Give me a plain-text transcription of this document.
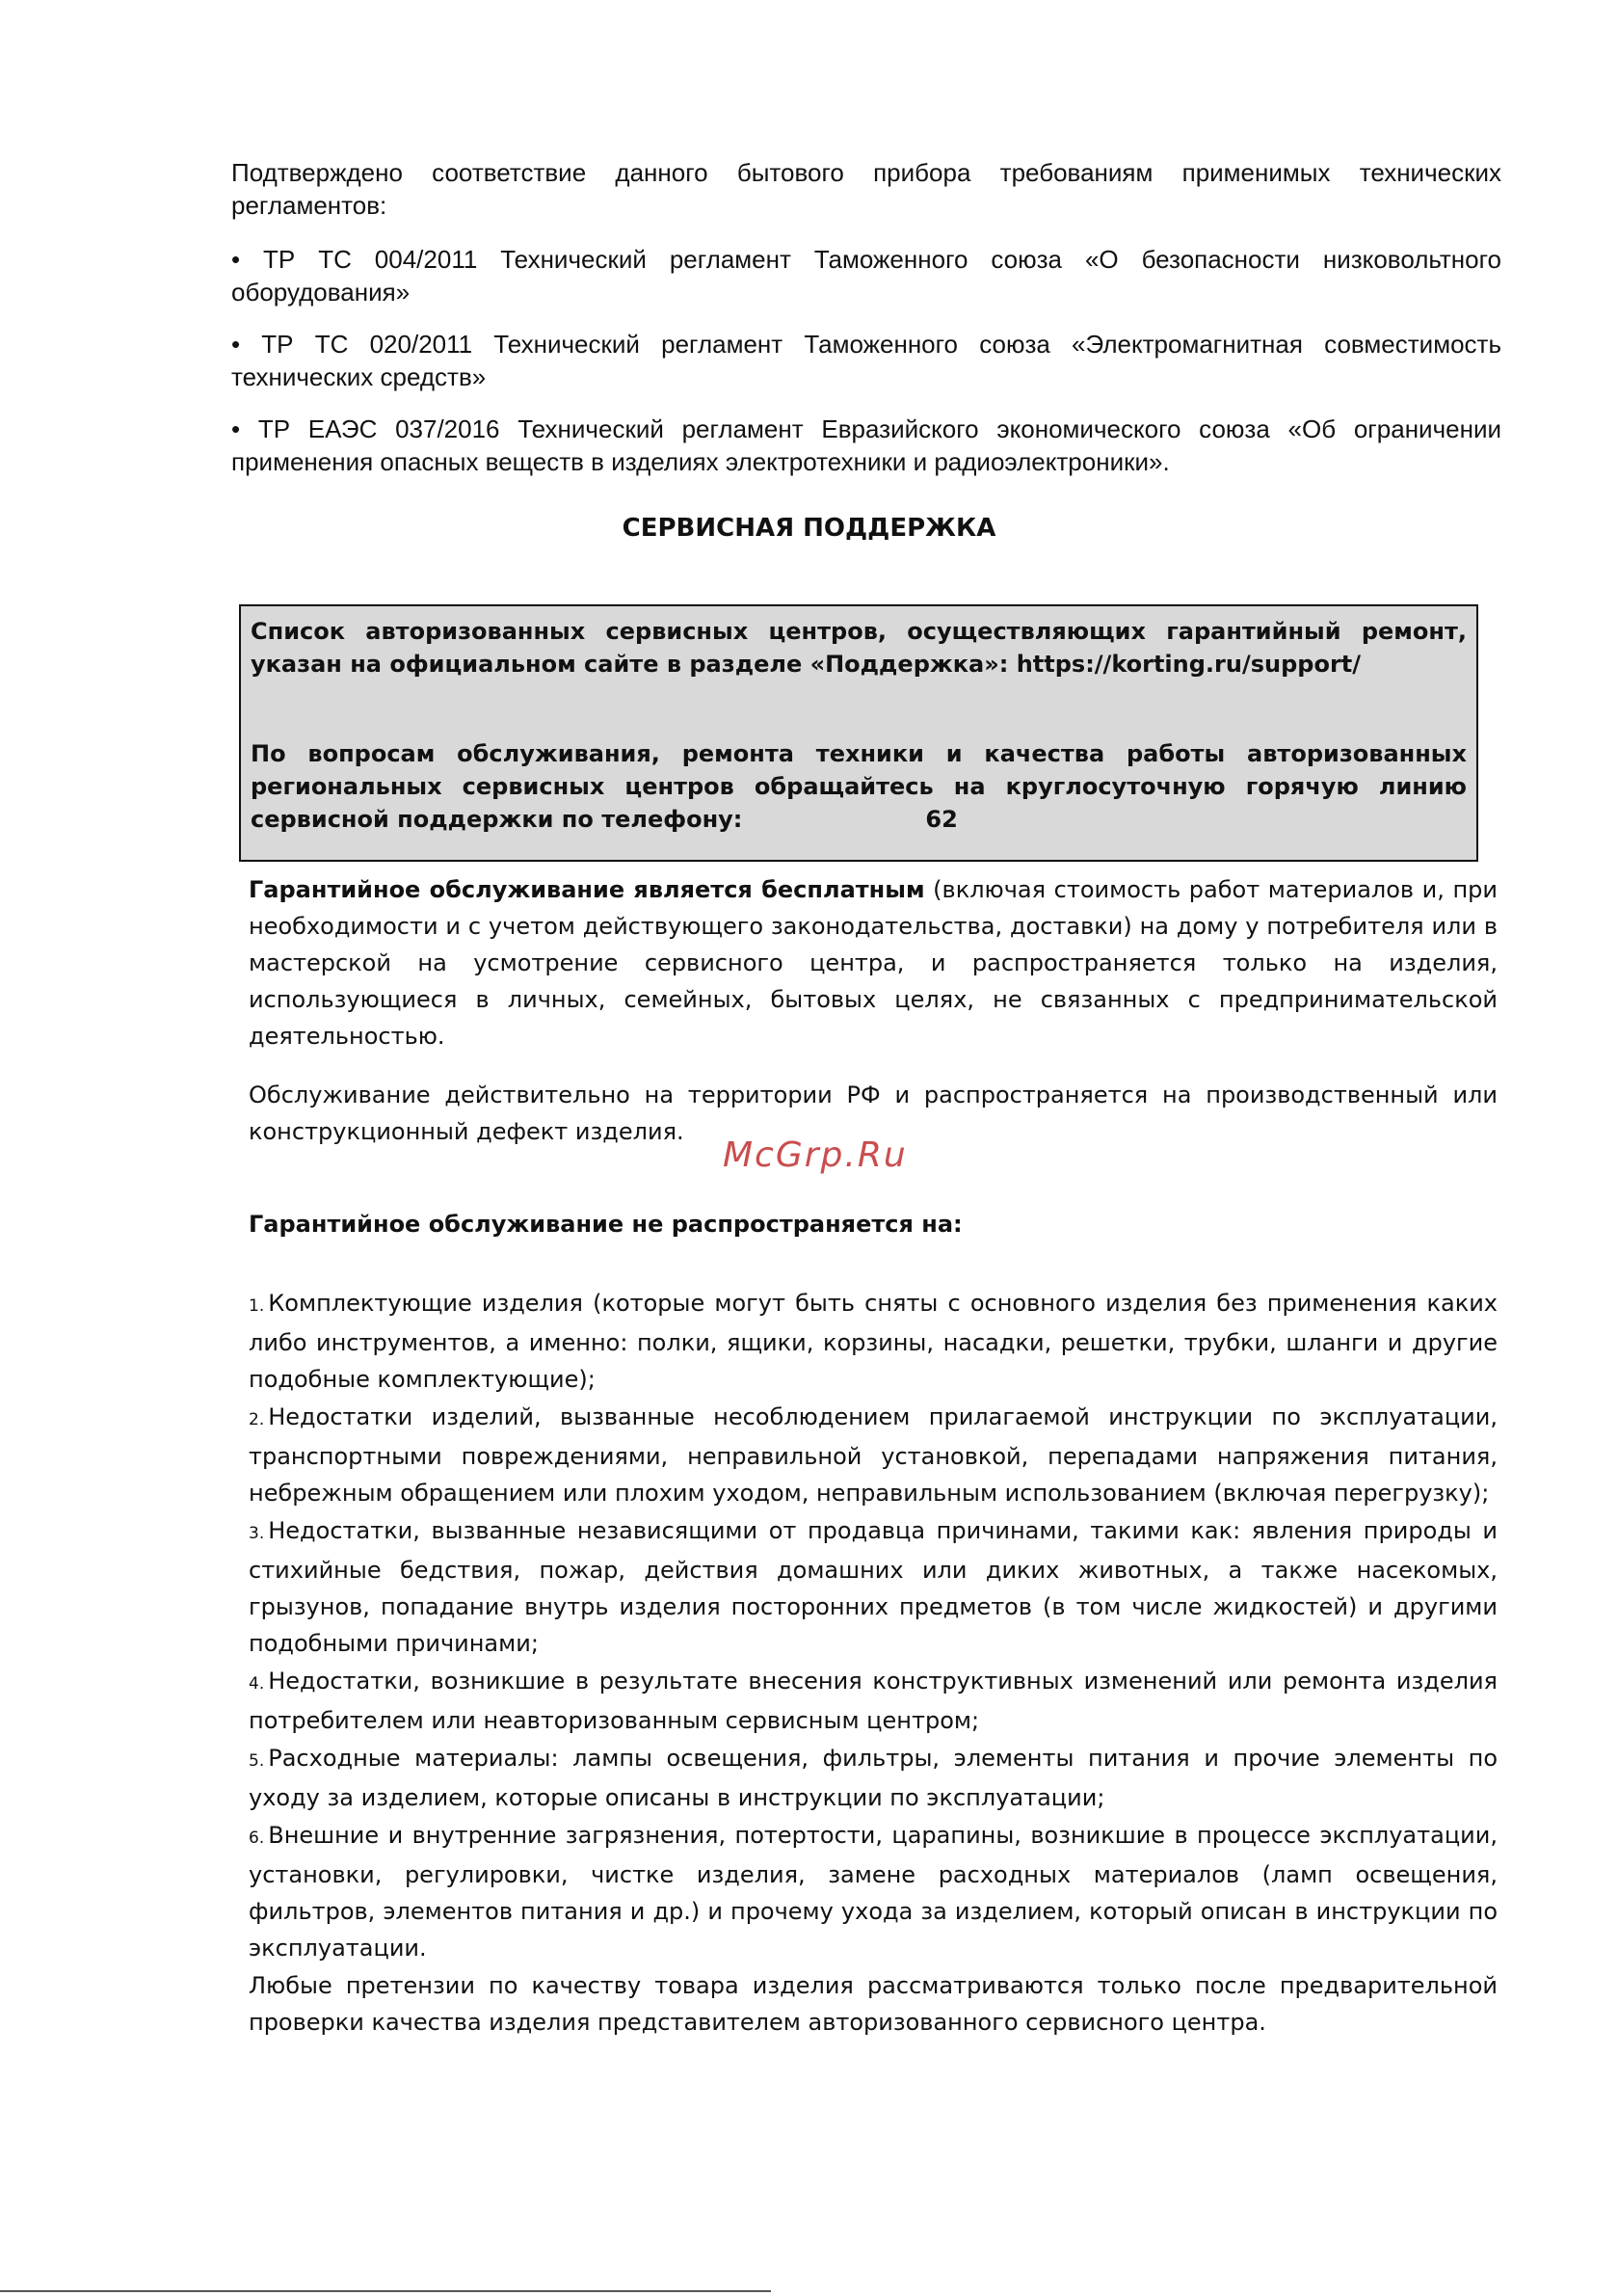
Подтверждено соответствие данного бытового прибора требованиям применимых технических регламентов:

• ТР ТС 004/2011 Технический регламент Таможенного союза «О безопасности низковольтного оборудования»

• ТР ТС 020/2011 Технический регламент Таможенного союза «Электромагнитная совместимость технических средств»

• ТР ЕАЭС 037/2016 Технический регламент Евразийского экономического союза «Об ограничении применения опасных веществ в изделиях электротехники и радиоэлектроники».

СЕРВИСНАЯ ПОДДЕРЖКА

Список авторизованных сервисных центров, осуществляющих гарантийный ремонт, указан на официальном сайте в разделе «Поддержка»: https://korting.ru/support/

По вопросам обслуживания, ремонта техники и качества работы авторизованных региональных сервисных центров обращайтесь на круглосуточную горячую линию сервисной поддержки по телефону:	62

Гарантийное обслуживание является бесплатным (включая стоимость работ материалов и, при необходимости и с учетом действующего законодательства, доставки) на дому у потребителя или в мастерской на усмотрение сервисного центра, и распространяется только на изделия, использующиеся в личных, семейных, бытовых целях, не связанных с предпринимательской деятельностью.

Обслуживание действительно на территории РФ и распространяется на производственный или конструкционный дефект изделия.

McGrp.Ru

Гарантийное обслуживание не распространяется на:

1. Комплектующие изделия (которые могут быть сняты с основного изделия без применения каких либо инструментов, а именно: полки, ящики, корзины, насадки, решетки, трубки, шланги и другие подобные комплектующие);
2. Недостатки изделий, вызванные несоблюдением прилагаемой инструкции по эксплуатации, транспортными повреждениями, неправильной установкой, перепадами напряжения питания, небрежным обращением или плохим уходом, неправильным использованием (включая перегрузку);
3. Недостатки, вызванные независящими от продавца причинами, такими как: явления природы и стихийные бедствия, пожар, действия домашних или диких животных, а также насекомых, грызунов, попадание внутрь изделия посторонних предметов (в том числе жидкостей) и другими подобными причинами;
4. Недостатки, возникшие в результате внесения конструктивных изменений или ремонта изделия потребителем или неавторизованным сервисным центром;
5. Расходные материалы: лампы освещения, фильтры, элементы питания и прочие элементы по уходу за изделием, которые описаны в инструкции по эксплуатации;
6. Внешние и внутренние загрязнения, потертости, царапины, возникшие в процессе эксплуатации, установки, регулировки, чистке изделия, замене расходных материалов (ламп освещения, фильтров, элементов питания и др.) и прочему ухода за изделием, который описан в инструкции по эксплуатации.
Любые претензии по качеству товара изделия рассматриваются только после предварительной проверки качества изделия представителем авторизованного сервисного центра.
